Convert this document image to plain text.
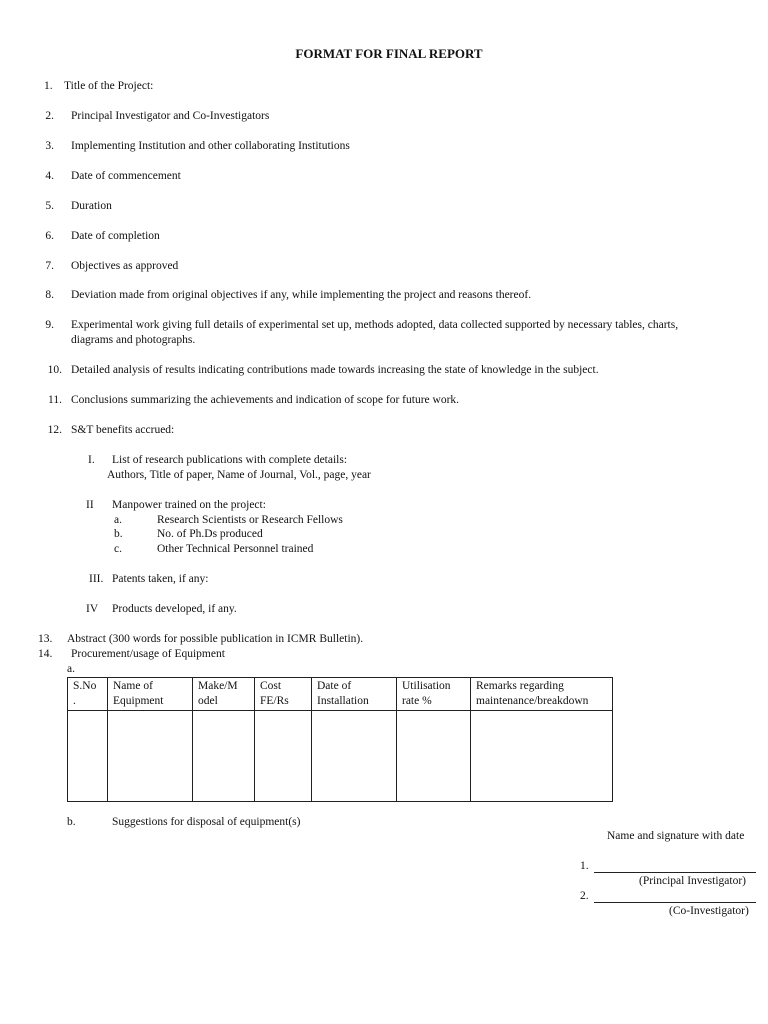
FORMAT FOR FINAL REPORT
1. Title of the Project:
2. Principal Investigator and Co-Investigators
3. Implementing Institution and other collaborating Institutions
4. Date of commencement
5. Duration
6. Date of completion
7. Objectives as approved
8. Deviation made from original objectives if any, while implementing the project and reasons thereof.
9. Experimental work giving full details of experimental set up, methods adopted, data collected supported by necessary tables, charts,
diagrams and photographs.
10. Detailed analysis of results indicating contributions made towards increasing the state of knowledge in the subject.
11. Conclusions summarizing the achievements and indication of scope for future work.
12. S&T benefits accrued:
I. List of research publications with complete details:
Authors, Title of paper, Name of Journal, Vol., page, year
II Manpower trained on the project:
a.	Research Scientists or Research Fellows
b.	No. of Ph.Ds produced
c.	Other Technical Personnel trained
III. Patents taken, if any:
IV Products developed, if any.
13. Abstract (300 words for possible publication in ICMR Bulletin).
14. Procurement/usage of Equipment
a.
S.No .	Name of Equipment	Make/M odel	Cost FE/Rs	Date of Installation	Utilisation rate %	Remarks regarding maintenance/breakdown

b.	Suggestions for disposal of equipment(s)
Name and signature with date
1.
(Principal Investigator)
2.
(Co-Investigator)
